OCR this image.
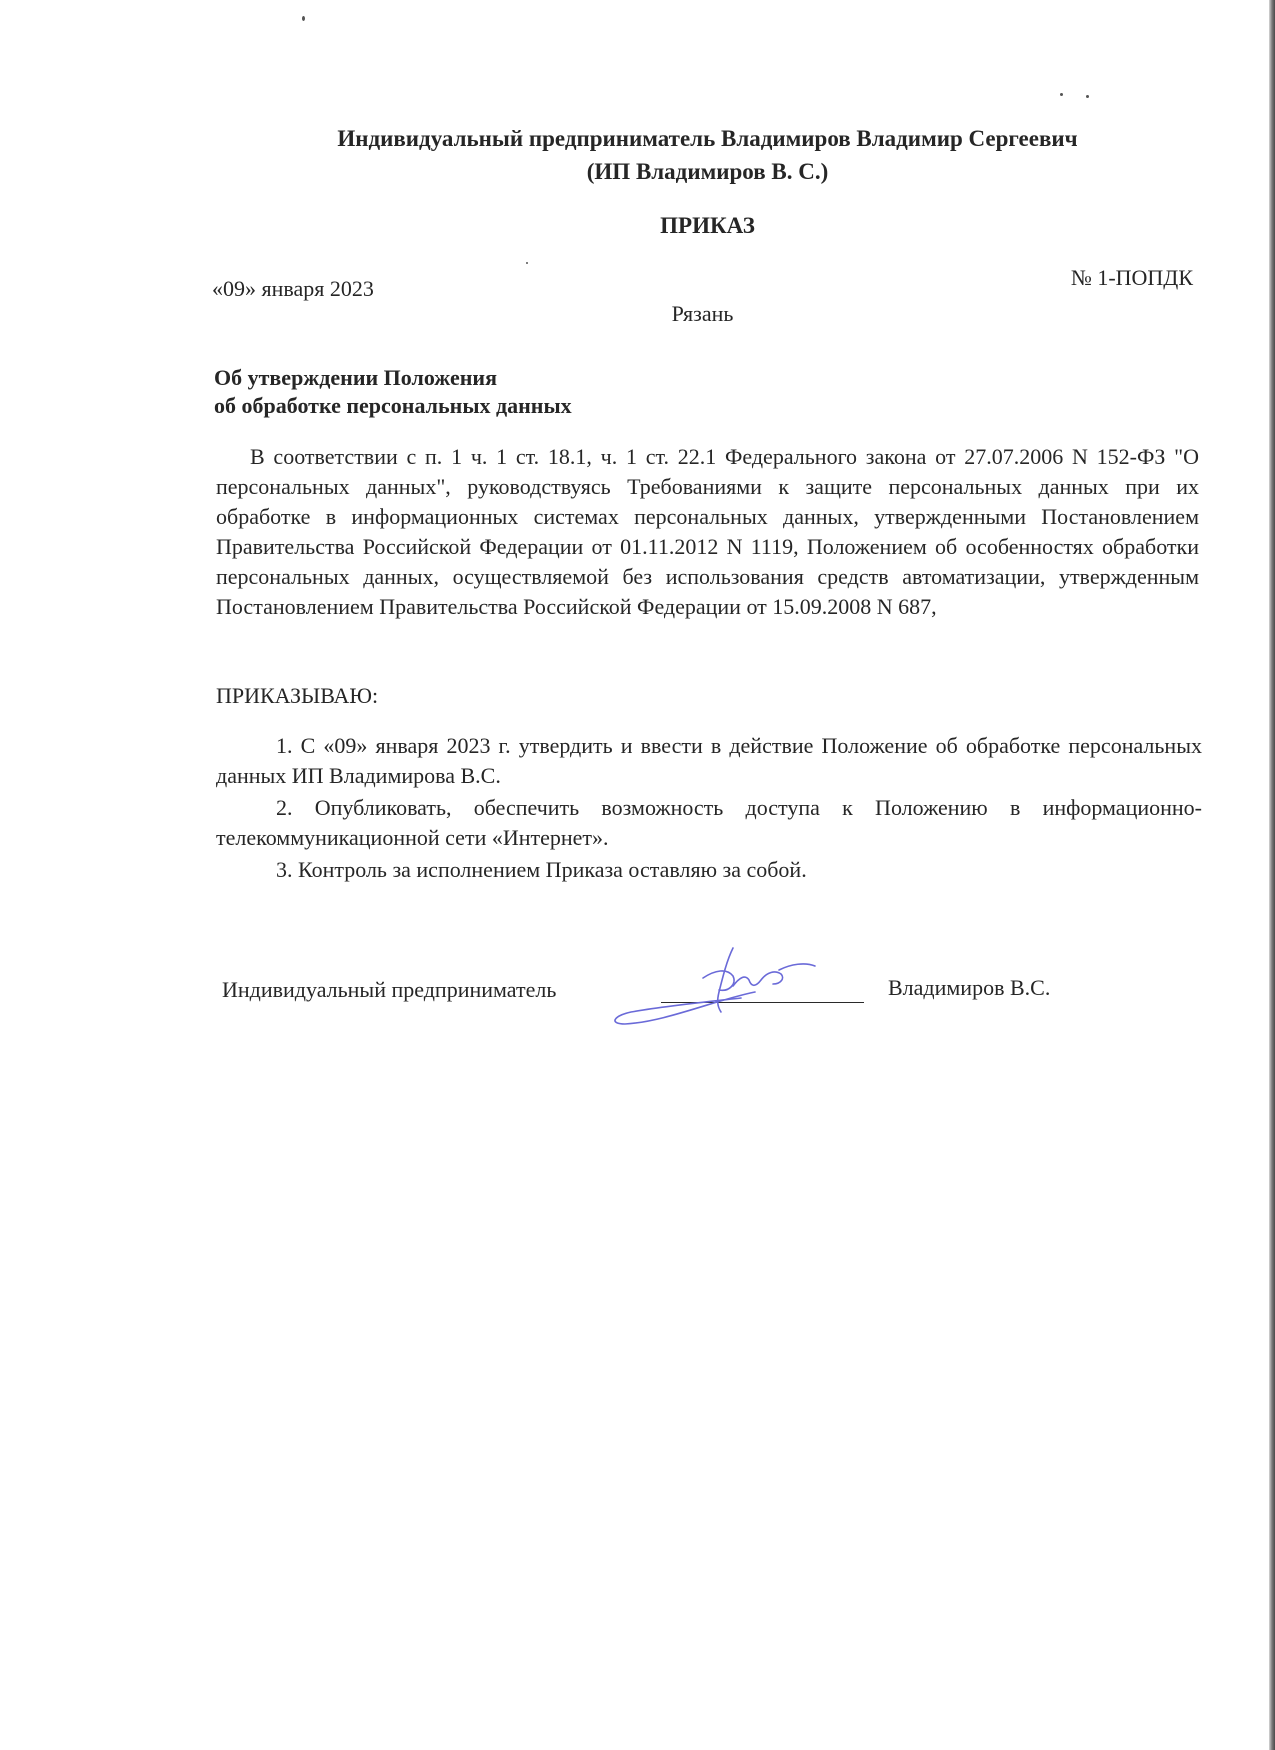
Индивидуальный предприниматель Владимиров Владимир Сергеевич
(ИП Владимиров В. С.)
ПРИКАЗ
«09» января 2023	№ 1-ПОПДК
Рязань
Об утверждении Положения
об обработке персональных данных
В соответствии с п. 1 ч. 1 ст. 18.1, ч. 1 ст. 22.1 Федерального закона от 27.07.2006 N 152-ФЗ "О персональных данных", руководствуясь Требованиями к защите персональных данных при их обработке в информационных системах персональных данных, утвержденными Постановлением Правительства Российской Федерации от 01.11.2012 N 1119, Положением об особенностях обработки персональных данных, осуществляемой без использования средств автоматизации, утвержденным Постановлением Правительства Российской Федерации от 15.09.2008 N 687,
ПРИКАЗЫВАЮ:

1. С «09» января 2023 г. утвердить и ввести в действие Положение об обработке персональных данных ИП Владимирова В.С.

2. Опубликовать, обеспечить возможность доступа к Положению в информационно-телекоммуникационной сети «Интернет».

3. Контроль за исполнением Приказа оставляю за собой.

Индивидуальный предприниматель	Владимиров В.С.
